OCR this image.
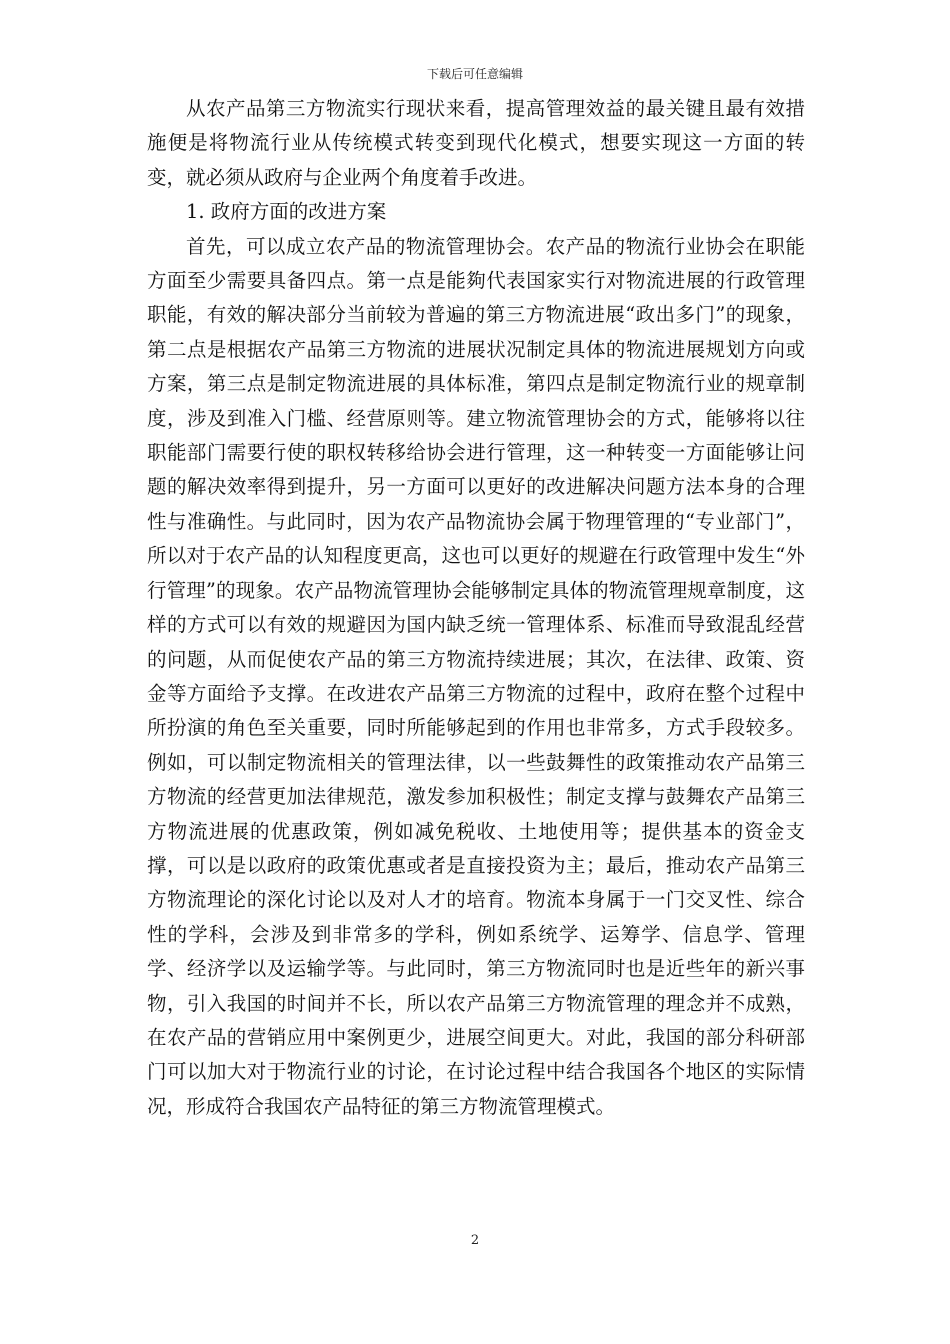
下载后可任意编辑

从农产品第三方物流实行现状来看，提高管理效益的最关键且最有效措施便是将物流行业从传统模式转变到现代化模式，想要实现这一方面的转变，就必须从政府与企业两个角度着手改进。

1. 政府方面的改进方案

首先，可以成立农产品的物流管理协会。农产品的物流行业协会在职能方面至少需要具备四点。第一点是能夠代表国家实行对物流进展的行政管理职能，有效的解决部分当前较为普遍的第三方物流进展“政出多门”的现象，第二点是根据农产品第三方物流的进展状况制定具体的物流进展规划方向或方案，第三点是制定物流进展的具体标准，第四点是制定物流行业的规章制度，涉及到准入门槛、经营原则等。建立物流管理协会的方式，能够将以往职能部门需要行使的职权转移给协会进行管理，这一种转变一方面能够让问题的解决效率得到提升，另一方面可以更好的改进解决问题方法本身的合理性与准确性。与此同时，因为农产品物流协会属于物理管理的“专业部门”，所以对于农产品的认知程度更高，这也可以更好的规避在行政管理中发生“外行管理”的现象。农产品物流管理协会能够制定具体的物流管理规章制度，这样的方式可以有效的规避因为国内缺乏统一管理体系、标准而导致混乱经营的问题，从而促使农产品的第三方物流持续进展；其次，在法律、政策、资金等方面给予支撑。在改进农产品第三方物流的过程中，政府在整个过程中所扮演的角色至关重要，同时所能够起到的作用也非常多，方式手段较多。例如，可以制定物流相关的管理法律，以一些鼓舞性的政策推动农产品第三方物流的经营更加法律规范，激发参加积极性；制定支撑与鼓舞农产品第三方物流进展的优惠政策，例如减免税收、土地使用等；提供基本的资金支撑，可以是以政府的政策优惠或者是直接投资为主；最后，推动农产品第三方物流理论的深化讨论以及对人才的培育。物流本身属于一门交叉性、综合性的学科，会涉及到非常多的学科，例如系统学、运筹学、信息学、管理学、经济学以及运输学等。与此同时，第三方物流同时也是近些年的新兴事物，引入我国的时间并不长，所以农产品第三方物流管理的理念并不成熟，在农产品的营销应用中案例更少，进展空间更大。对此，我国的部分科研部门可以加大对于物流行业的讨论，在讨论过程中结合我国各个地区的实际情况，形成符合我国农产品特征的第三方物流管理模式。

2
